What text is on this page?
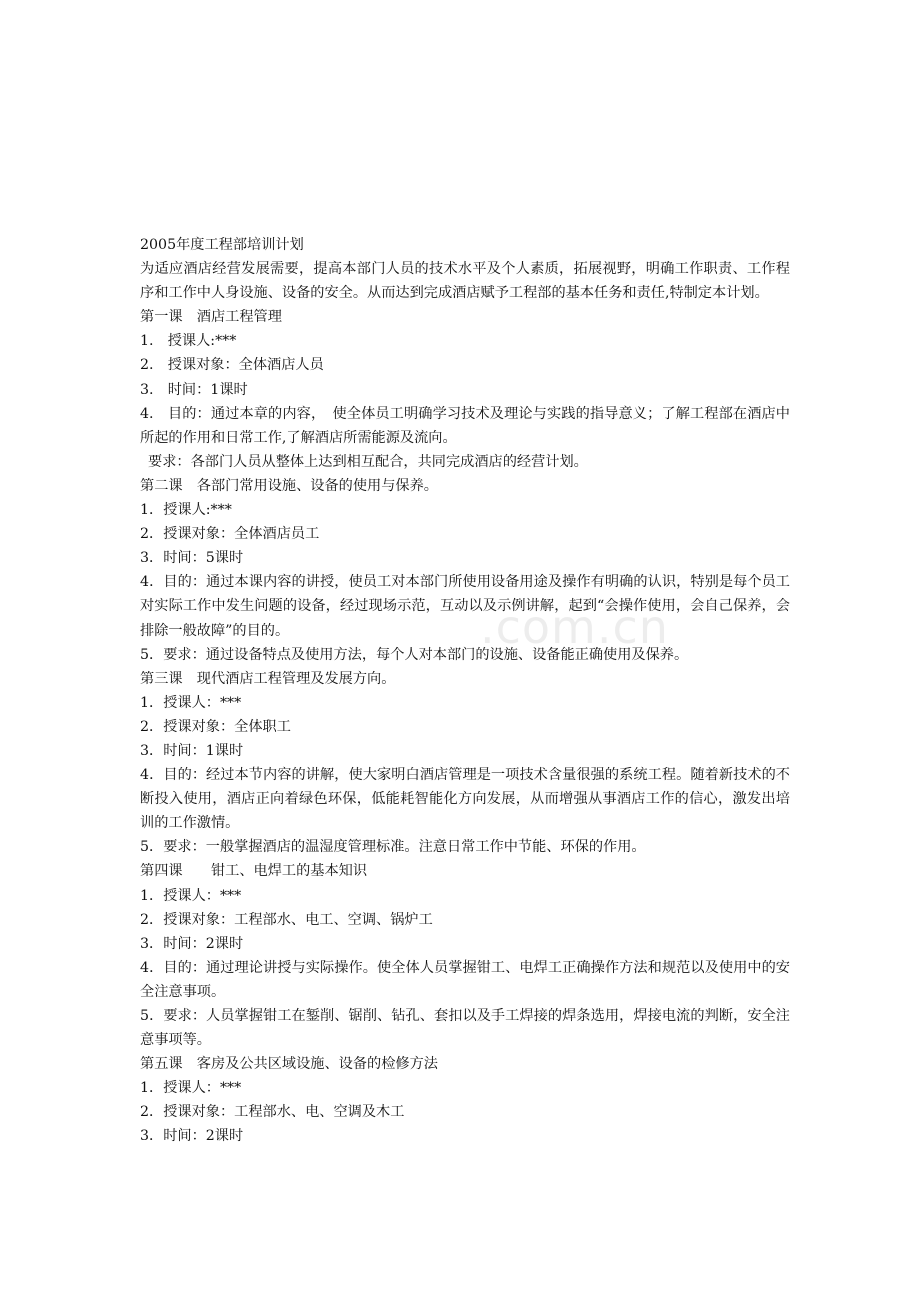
2005年度工程部培训计划

为适应酒店经营发展需要，提高本部门人员的技术水平及个人素质，拓展视野，明确工作职责、工作程序和工作中人身设施、设备的安全。从而达到完成酒店赋予工程部的基本任务和责任,特制定本计划。

第一课　酒店工程管理

1.　授课人:***

2.　授课对象：全体酒店人员

3.　时间：1课时

4.　目的：通过本章的内容，　使全体员工明确学习技术及理论与实践的指导意义；了解工程部在酒店中所起的作用和日常工作,了解酒店所需能源及流向。

要求：各部门人员从整体上达到相互配合，共同完成酒店的经营计划。

第二课　各部门常用设施、设备的使用与保养。

1．授课人:***

2．授课对象：全体酒店员工

3．时间：5课时

4．目的：通过本课内容的讲授，使员工对本部门所使用设备用途及操作有明确的认识，特别是每个员工对实际工作中发生问题的设备，经过现场示范，互动以及示例讲解，起到“会操作使用，会自己保养，会排除一般故障”的目的。

5．要求：通过设备特点及使用方法，每个人对本部门的设施、设备能正确使用及保养。

第三课　现代酒店工程管理及发展方向。

1．授课人：***

2．授课对象：全体职工

3．时间：1课时

4．目的：经过本节内容的讲解，使大家明白酒店管理是一项技术含量很强的系统工程。随着新技术的不断投入使用，酒店正向着绿色环保，低能耗智能化方向发展，从而增强从事酒店工作的信心，激发出培训的工作激情。

5．要求：一般掌握酒店的温湿度管理标准。注意日常工作中节能、环保的作用。

第四课　　钳工、电焊工的基本知识

1．授课人：***

2．授课对象：工程部水、电工、空调、锅炉工

3．时间：2课时

4．目的：通过理论讲授与实际操作。使全体人员掌握钳工、电焊工正确操作方法和规范以及使用中的安全注意事项。

5．要求：人员掌握钳工在錾削、锯削、钻孔、套扣以及手工焊接的焊条选用，焊接电流的判断，安全注意事项等。

第五课　客房及公共区域设施、设备的检修方法

1．授课人：***

2．授课对象：工程部水、电、空调及木工

3．时间：2课时

.com.cn
